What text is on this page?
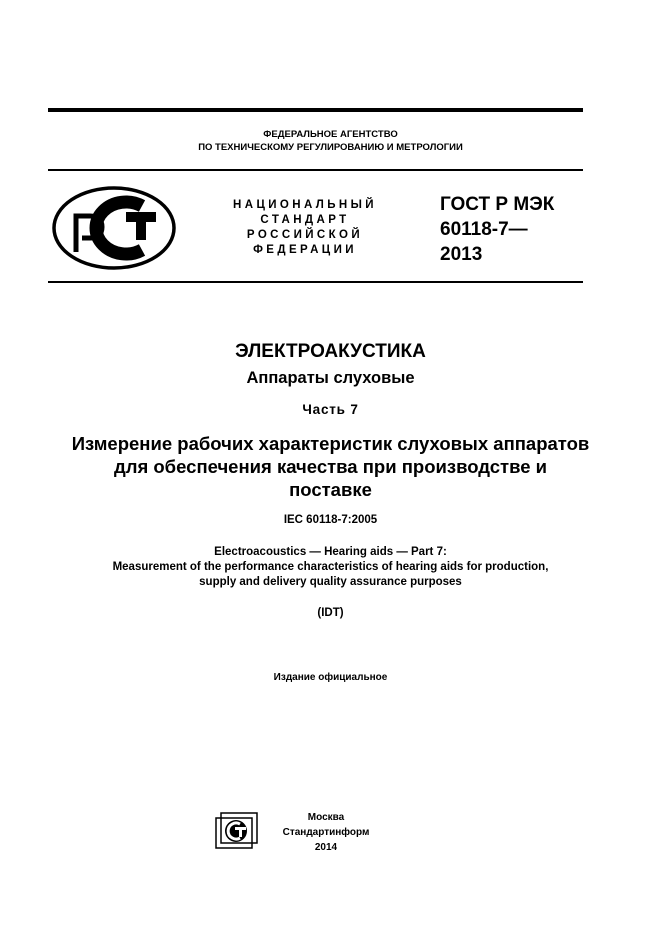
ФЕДЕРАЛЬНОЕ АГЕНТСТВО
ПО ТЕХНИЧЕСКОМУ РЕГУЛИРОВАНИЮ И МЕТРОЛОГИИ
НАЦИОНАЛЬНЫЙ
СТАНДАРТ
РОССИЙСКОЙ
ФЕДЕРАЦИИ
ГОСТ Р МЭК
60118-7—
2013
ЭЛЕКТРОАКУСТИКА
Аппараты слуховые
Часть 7
Измерение рабочих характеристик слуховых аппаратов
для обеспечения качества при производстве и
поставке
IEC 60118-7:2005
Electroacoustics — Hearing aids — Part 7:
Measurement of the performance characteristics of hearing aids for production,
supply and delivery quality assurance purposes
(IDT)
Издание официальное
Москва
Стандартинформ
2014
